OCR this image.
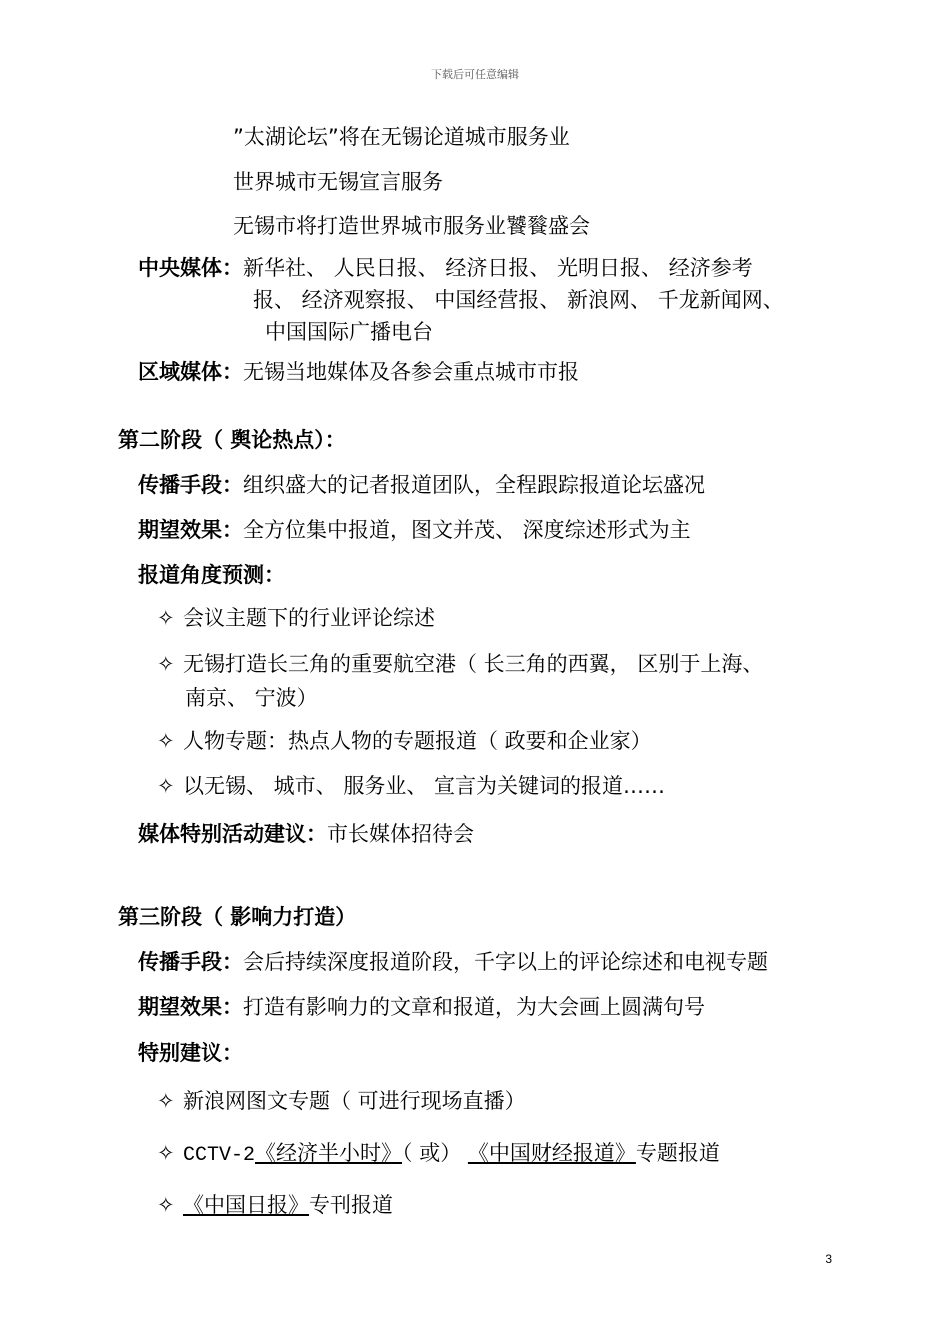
下载后可任意编辑
”太湖论坛”将在无锡论道城市服务业
世界城市无锡宣言服务
无锡市将打造世界城市服务业饕餮盛会
中央媒体：新华社、 人民日报、 经济日报、 光明日报、 经济参考
报、 经济观察报、 中国经营报、 新浪网、 千龙新闻网、
中国国际广播电台
区域媒体：无锡当地媒体及各参会重点城市市报
第二阶段（ 舆论热点）：
传播手段：组织盛大的记者报道团队，全程跟踪报道论坛盛况
期望效果：全方位集中报道，图文并茂、 深度综述形式为主
报道角度预测：
✧ 会议主题下的行业评论综述
✧ 无锡打造长三角的重要航空港（ 长三角的西翼， 区别于上海、
南京、 宁波）
✧ 人物专题：热点人物的专题报道（ 政要和企业家）
✧ 以无锡、 城市、 服务业、 宣言为关键词的报道……
媒体特别活动建议：市长媒体招待会
第三阶段（ 影响力打造）
传播手段：会后持续深度报道阶段，千字以上的评论综述和电视专题
期望效果：打造有影响力的文章和报道，为大会画上圆满句号
特别建议：
✧ 新浪网图文专题（ 可进行现场直播）
✧ CCTV-2《经济半小时》（ 或） 《中国财经报道》专题报道
✧ 《中国日报》专刊报道
3
